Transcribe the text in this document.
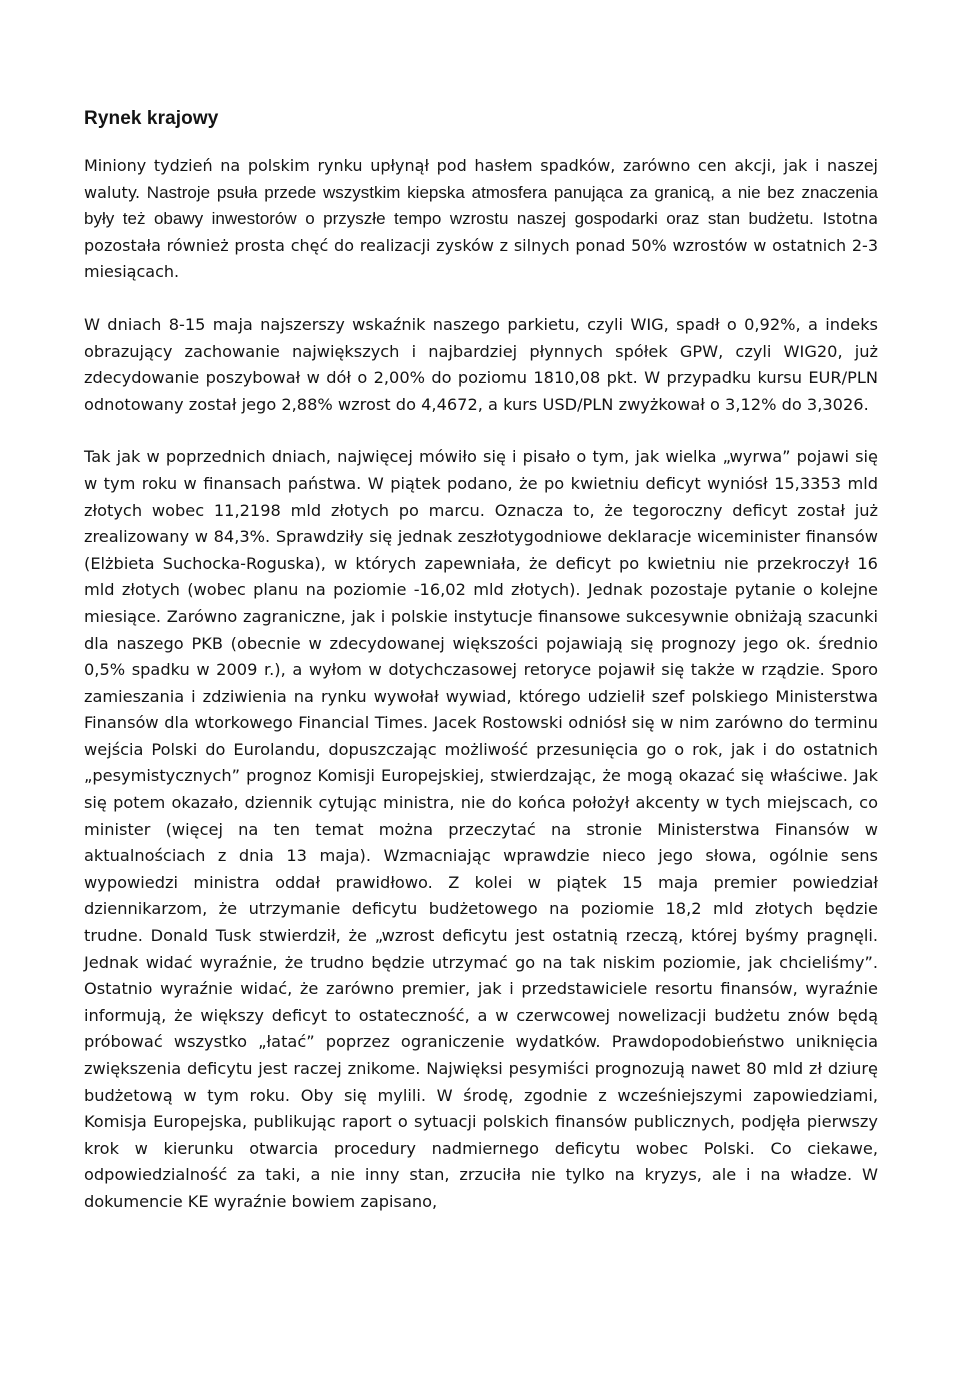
Rynek krajowy

Miniony tydzień na polskim rynku upłynął pod hasłem spadków, zarówno cen akcji, jak i naszej waluty. Nastroje psuła przede wszystkim kiepska atmosfera panująca za granicą, a nie bez znaczenia były też obawy inwestorów o przyszłe tempo wzrostu naszej gospodarki oraz stan budżetu. Istotna pozostała również prosta chęć do realizacji zysków z silnych ponad 50% wzrostów w ostatnich 2-3 miesiącach.

W dniach 8-15 maja najszerszy wskaźnik naszego parkietu, czyli WIG, spadł o 0,92%, a indeks obrazujący zachowanie największych i najbardziej płynnych spółek GPW, czyli WIG20, już zdecydowanie poszybował w dół o 2,00% do poziomu 1810,08 pkt. W przypadku kursu EUR/PLN odnotowany został jego 2,88% wzrost do 4,4672, a kurs USD/PLN zwyżkował o 3,12% do 3,3026.

Tak jak w poprzednich dniach, najwięcej mówiło się i pisało o tym, jak wielka „wyrwa” pojawi się w tym roku w finansach państwa. W piątek podano, że po kwietniu deficyt wyniósł 15,3353 mld złotych wobec 11,2198 mld złotych po marcu. Oznacza to, że tegoroczny deficyt został już zrealizowany w 84,3%. Sprawdziły się jednak zeszłotygodniowe deklaracje wiceminister finansów (Elżbieta Suchocka-Roguska), w których zapewniała, że deficyt po kwietniu nie przekroczył 16 mld złotych (wobec planu na poziomie -16,02 mld złotych). Jednak pozostaje pytanie o kolejne miesiące. Zarówno zagraniczne, jak i polskie instytucje finansowe sukcesywnie obniżają szacunki dla naszego PKB (obecnie w zdecydowanej większości pojawiają się prognozy jego ok. średnio 0,5% spadku w 2009 r.), a wyłom w dotychczasowej retoryce pojawił się także w rządzie. Sporo zamieszania i zdziwienia na rynku wywołał wywiad, którego udzielił szef polskiego Ministerstwa Finansów dla wtorkowego Financial Times. Jacek Rostowski odniósł się w nim zarówno do terminu wejścia Polski do Eurolandu, dopuszczając możliwość przesunięcia go o rok, jak i do ostatnich „pesymistycznych” prognoz Komisji Europejskiej, stwierdzając, że mogą okazać się właściwe. Jak się potem okazało, dziennik cytując ministra, nie do końca położył akcenty w tych miejscach, co minister (więcej na ten temat można przeczytać na stronie Ministerstwa Finansów w aktualnościach z dnia 13 maja). Wzmacniając wprawdzie nieco jego słowa, ogólnie sens wypowiedzi ministra oddał prawidłowo. Z kolei w piątek 15 maja premier powiedział dziennikarzom, że utrzymanie deficytu budżetowego na poziomie 18,2 mld złotych będzie trudne. Donald Tusk stwierdził, że „wzrost deficytu jest ostatnią rzeczą, której byśmy pragnęli. Jednak widać wyraźnie, że trudno będzie utrzymać go na tak niskim poziomie, jak chcieliśmy”. Ostatnio wyraźnie widać, że zarówno premier, jak i przedstawiciele resortu finansów, wyraźnie informują, że większy deficyt to ostateczność, a w czerwcowej nowelizacji budżetu znów będą próbować wszystko „łatać” poprzez ograniczenie wydatków. Prawdopodobieństwo uniknięcia zwiększenia deficytu jest raczej znikome. Najwięksi pesymiści prognozują nawet 80 mld zł dziurę budżetową w tym roku. Oby się mylili. W środę, zgodnie z wcześniejszymi zapowiedziami, Komisja Europejska, publikując raport o sytuacji polskich finansów publicznych, podjęła pierwszy krok w kierunku otwarcia procedury nadmiernego deficytu wobec Polski. Co ciekawe, odpowiedzialność za taki, a nie inny stan, zrzuciła nie tylko na kryzys, ale i na władze. W dokumencie KE wyraźnie bowiem zapisano,
